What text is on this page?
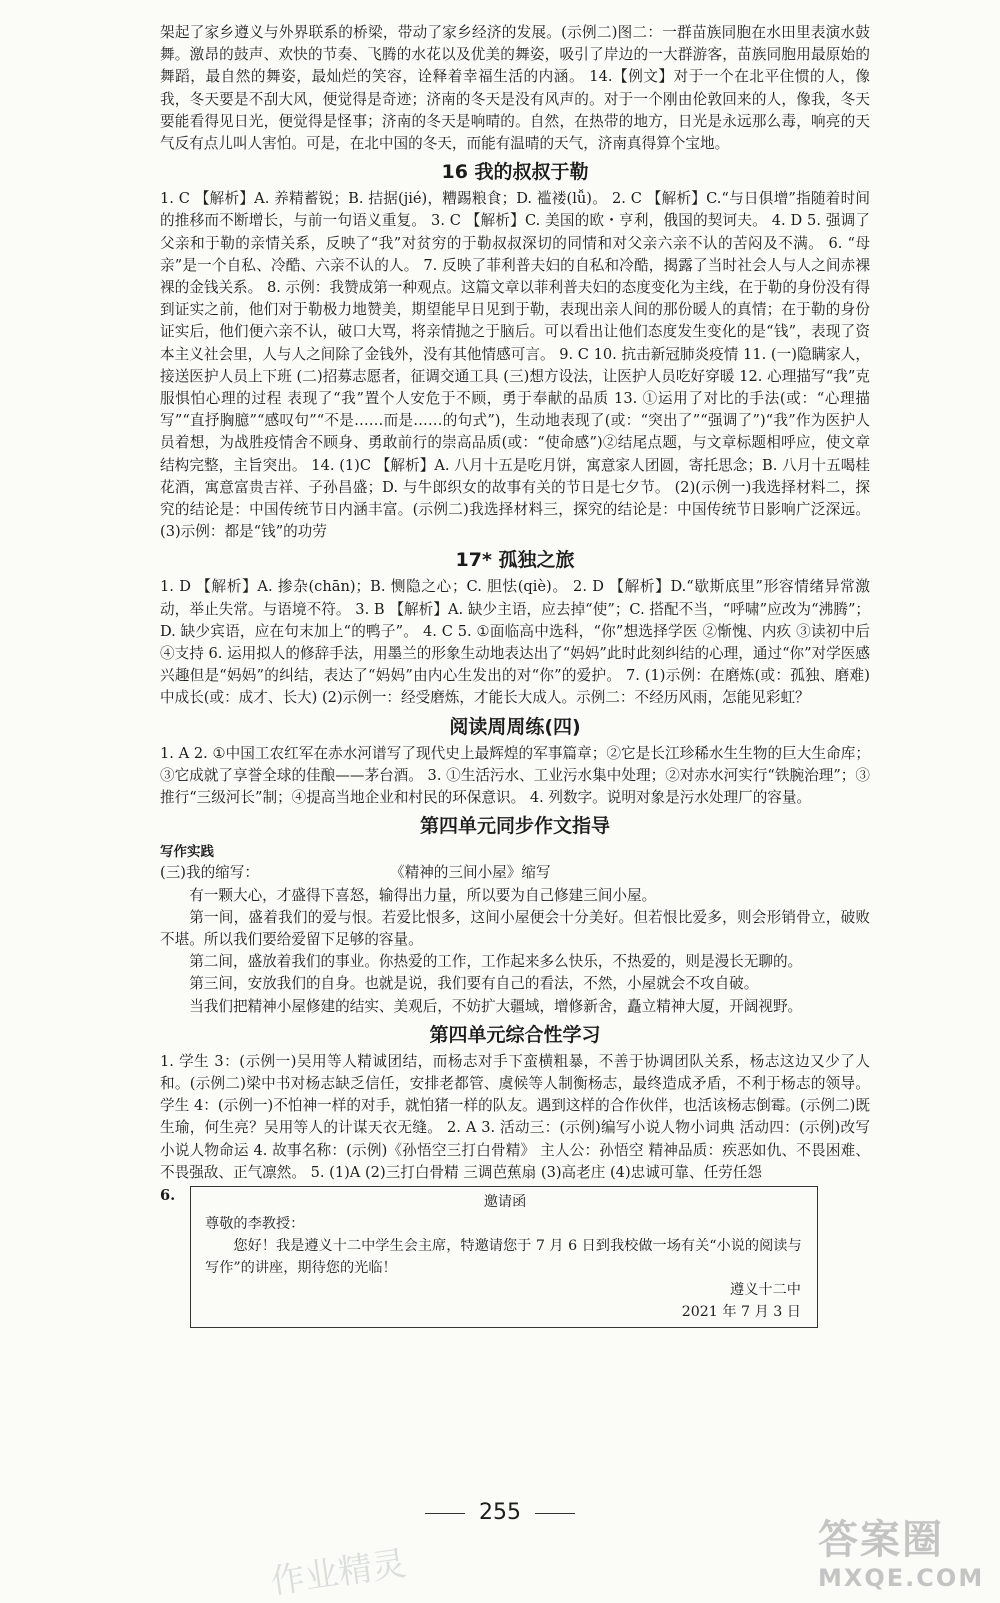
架起了家乡遵义与外界联系的桥梁，带动了家乡经济的发展。(示例二)图二：一群苗族同胞在水田里表演水鼓舞。激昂的鼓声、欢快的节奏、飞腾的水花以及优美的舞姿，吸引了岸边的一大群游客，苗族同胞用最原始的舞蹈，最自然的舞姿，最灿烂的笑容，诠释着幸福生活的内涵。 14.【例文】对于一个在北平住惯的人，像我，冬天要是不刮大风，便觉得是奇迹；济南的冬天是没有风声的。对于一个刚由伦敦回来的人，像我，冬天要能看得见日光，便觉得是怪事；济南的冬天是响晴的。自然，在热带的地方，日光是永远那么毒，响亮的天气反有点儿叫人害怕。可是，在北中国的冬天，而能有温晴的天气，济南真得算个宝地。

16 我的叔叔于勒

1. C 【解析】A. 养精蓄锐；B. 拮据(jié)，糟踢粮食；D. 褴褛(lǚ)。 2. C 【解析】C.“与日俱增”指随着时间的推移而不断增长，与前一句语义重复。 3. C 【解析】C. 美国的欧・亨利，俄国的契诃夫。 4. D 5. 强调了父亲和于勒的亲情关系，反映了“我”对贫穷的于勒叔叔深切的同情和对父亲六亲不认的苦闷及不满。 6. “母亲”是一个自私、冷酷、六亲不认的人。 7. 反映了菲利普夫妇的自私和冷酷，揭露了当时社会人与人之间赤裸裸的金钱关系。 8. 示例：我赞成第一种观点。这篇文章以菲利普夫妇的态度变化为主线，在于勒的身份没有得到证实之前，他们对于勒极力地赞美，期望能早日见到于勒，表现出亲人间的那份暖人的真情；在于勒的身份证实后，他们便六亲不认，破口大骂，将亲情抛之于脑后。可以看出让他们态度发生变化的是“钱”，表现了资本主义社会里，人与人之间除了金钱外，没有其他情感可言。 9. C 10. 抗击新冠肺炎疫情 11. (一)隐瞒家人，接送医护人员上下班 (二)招募志愿者，征调交通工具 (三)想方设法，让医护人员吃好穿暖 12. 心理描写“我”克服惧怕心理的过程 表现了“我”置个人安危于不顾，勇于奉献的品质 13. ①运用了对比的手法(或：“心理描写”“直抒胸臆”“感叹句”“不是……而是……的句式”)，生动地表现了(或：“突出了”“强调了”)“我”作为医护人员着想，为战胜疫情舍不顾身、勇敢前行的崇高品质(或：“使命感”)②结尾点题，与文章标题相呼应，使文章结构完整，主旨突出。 14. (1)C 【解析】A. 八月十五是吃月饼，寓意家人团圆，寄托思念；B. 八月十五喝桂花酒，寓意富贵吉祥、子孙昌盛；D. 与牛郎织女的故事有关的节日是七夕节。 (2)(示例一)我选择材料二，探究的结论是：中国传统节日内涵丰富。(示例二)我选择材料三，探究的结论是：中国传统节日影响广泛深远。 (3)示例：都是“钱”的功劳

17* 孤独之旅

1. D 【解析】A. 掺杂(chān)；B. 恻隐之心；C. 胆怯(qiè)。 2. D 【解析】D.“歇斯底里”形容情绪异常激动，举止失常。与语境不符。 3. B 【解析】A. 缺少主语，应去掉“使”；C. 搭配不当，“呼啸”应改为“沸腾”；D. 缺少宾语，应在句末加上“的鸭子”。 4. C 5. ①面临高中选科，“你”想选择学医 ②惭愧、内疚 ③读初中后 ④支持 6. 运用拟人的修辞手法，用墨兰的形象生动地表达出了“妈妈”此时此刻纠结的心理，通过“你”对学医感兴趣但是“妈妈”的纠结，表达了“妈妈”由内心生发出的对“你”的爱护。 7. (1)示例：在磨炼(或：孤独、磨难)中成长(或：成才、长大) (2)示例一：经受磨炼，才能长大成人。示例二：不经历风雨，怎能见彩虹？

阅读周周练(四)

1. A 2. ①中国工农红军在赤水河谱写了现代史上最辉煌的军事篇章；②它是长江珍稀水生生物的巨大生命库；③它成就了享誉全球的佳酿——茅台酒。 3. ①生活污水、工业污水集中处理；②对赤水河实行“铁腕治理”；③推行“三级河长”制；④提高当地企业和村民的环保意识。 4. 列数字。说明对象是污水处理厂的容量。

第四单元同步作文指导

写作实践

(三)我的缩写：	《精神的三间小屋》缩写

有一颗大心，才盛得下喜怒，输得出力量，所以要为自己修建三间小屋。

第一间，盛着我们的爱与恨。若爱比恨多，这间小屋便会十分美好。但若恨比爱多，则会形销骨立，破败不堪。所以我们要给爱留下足够的容量。

第二间，盛放着我们的事业。你热爱的工作，工作起来多么快乐，不热爱的，则是漫长无聊的。

第三间，安放我们的自身。也就是说，我们要有自己的看法，不然，小屋就会不攻自破。

当我们把精神小屋修建的结实、美观后，不妨扩大疆域，增修新舍，矗立精神大厦，开阔视野。

第四单元综合性学习

1. 学生 3：(示例一)吴用等人精诚团结，而杨志对手下蛮横粗暴，不善于协调团队关系，杨志这边又少了人和。(示例二)梁中书对杨志缺乏信任，安排老都管、虞候等人制衡杨志，最终造成矛盾，不利于杨志的领导。 学生 4：(示例一)不怕神一样的对手，就怕猪一样的队友。遇到这样的合作伙伴，也活该杨志倒霉。(示例二)既生瑜，何生亮？吴用等人的计谋天衣无缝。 2. A 3. 活动三：(示例)编写小说人物小词典 活动四：(示例)改写小说人物命运 4. 故事名称：(示例)《孙悟空三打白骨精》 主人公：孙悟空 精神品质：疾恶如仇、不畏困难、不畏强敌、正气凛然。 5. (1)A (2)三打白骨精 三调芭蕉扇 (3)高老庄 (4)忠诚可靠、任劳任怨

6.	邀请函
尊敬的李教授：
您好！我是遵义十二中学生会主席，特邀请您于 7 月 6 日到我校做一场有关“小说的阅读与写作”的讲座，期待您的光临！
遵义十二中
2021 年 7 月 3 日
255
作业精灵
答案圈
MXQE.COM
